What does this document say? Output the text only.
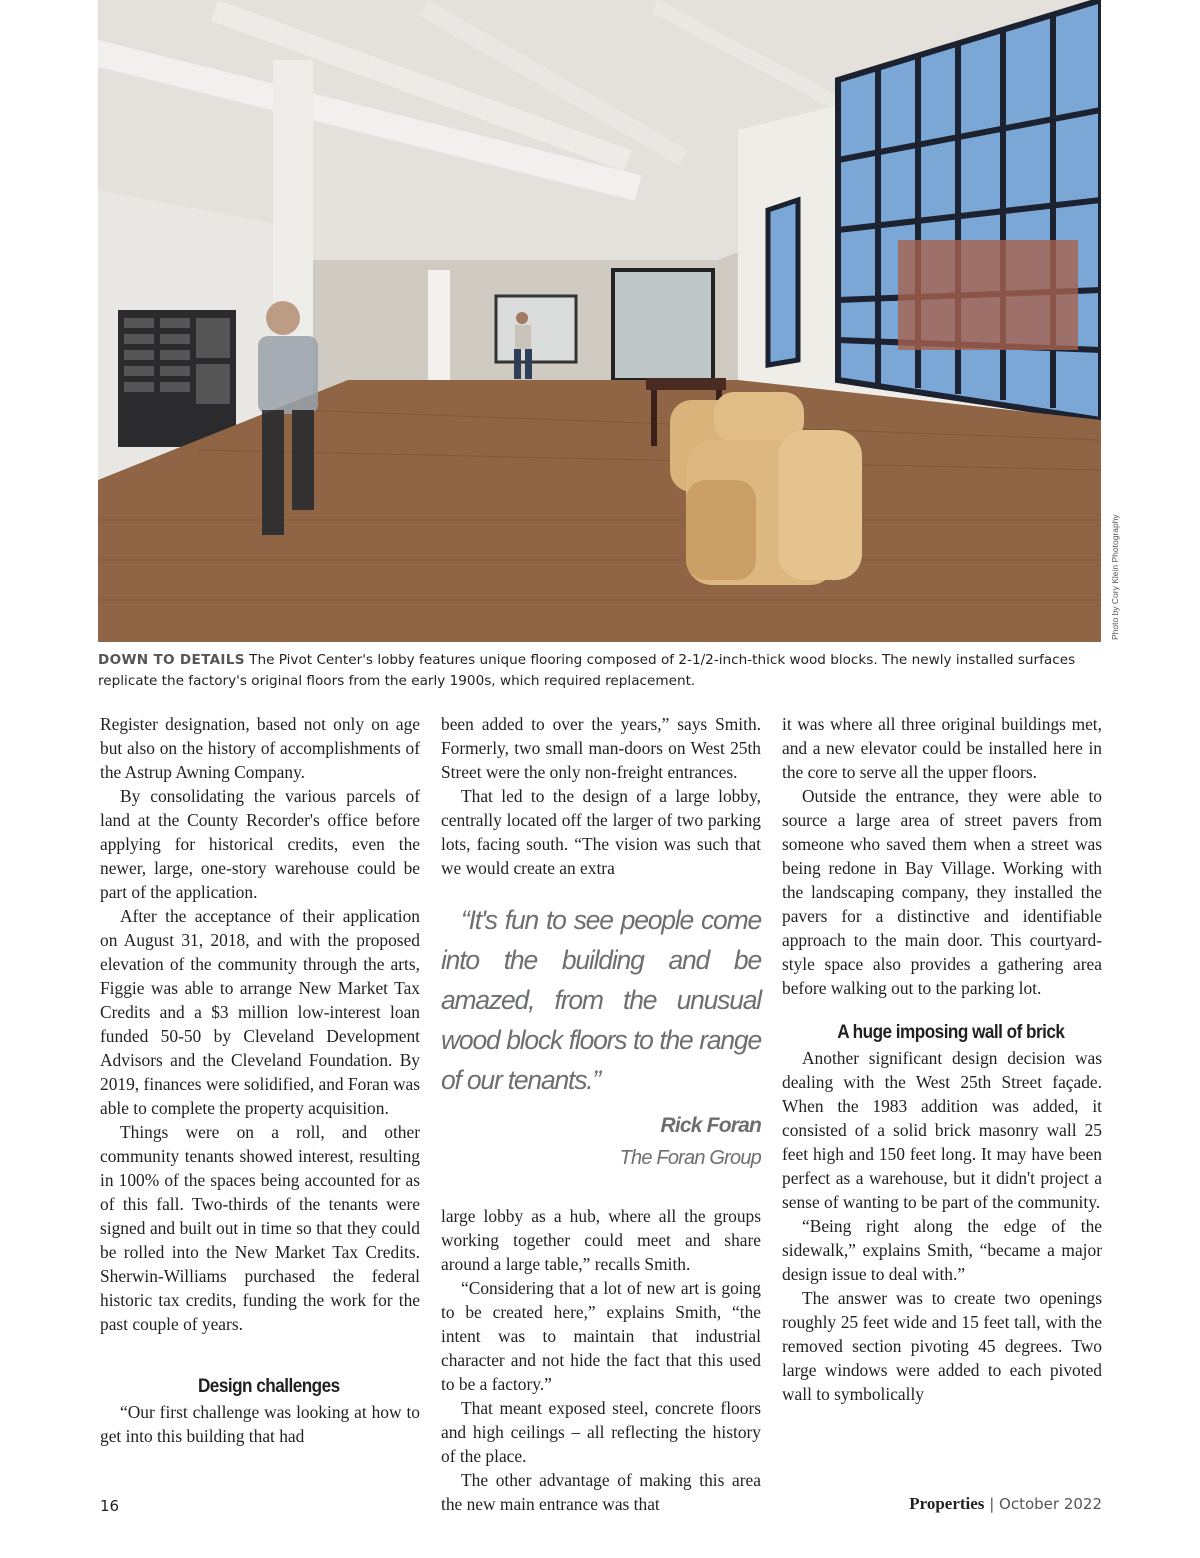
Photo by Cory Klein Photography
DOWN TO DETAILS The Pivot Center's lobby features unique flooring composed of 2-1/2-inch-thick wood blocks. The newly installed surfaces replicate the factory's original floors from the early 1900s, which required replacement.

Register designation, based not only on age but also on the history of accomplishments of the Astrup Awning Company.

By consolidating the various parcels of land at the County Recorder's office before applying for historical credits, even the newer, large, one-story warehouse could be part of the application.

After the acceptance of their application on August 31, 2018, and with the proposed elevation of the community through the arts, Figgie was able to arrange New Market Tax Credits and a $3 million low-interest loan funded 50-50 by Cleveland Development Advisors and the Cleveland Foundation. By 2019, finances were solidified, and Foran was able to complete the property acquisition.

Things were on a roll, and other community tenants showed interest, resulting in 100% of the spaces being accounted for as of this fall. Two-thirds of the tenants were signed and built out in time so that they could be rolled into the New Market Tax Credits. Sherwin-Williams purchased the federal historic tax credits, funding the work for the past couple of years.

Design challenges

“Our first challenge was looking at how to get into this building that had

been added to over the years,” says Smith. Formerly, two small man-doors on West 25th Street were the only non-freight entrances.

That led to the design of a large lobby, centrally located off the larger of two parking lots, facing south. “The vision was such that we would create an extra

“It's fun to see people come into the building and be amazed, from the unusual wood block floors to the range of our tenants.”

Rick Foran

The Foran Group

large lobby as a hub, where all the groups working together could meet and share around a large table,” recalls Smith.

“Considering that a lot of new art is going to be created here,” explains Smith, “the intent was to maintain that industrial character and not hide the fact that this used to be a factory.”

That meant exposed steel, concrete floors and high ceilings – all reflecting the history of the place.

The other advantage of making this area the new main entrance was that

it was where all three original buildings met, and a new elevator could be installed here in the core to serve all the upper floors.

Outside the entrance, they were able to source a large area of street pavers from someone who saved them when a street was being redone in Bay Village. Working with the landscaping company, they installed the pavers for a distinctive and identifiable approach to the main door. This courtyard-style space also provides a gathering area before walking out to the parking lot.

A huge imposing wall of brick

Another significant design decision was dealing with the West 25th Street façade. When the 1983 addition was added, it consisted of a solid brick masonry wall 25 feet high and 150 feet long. It may have been perfect as a warehouse, but it didn't project a sense of wanting to be part of the community.

“Being right along the edge of the sidewalk,” explains Smith, “became a major design issue to deal with.”

The answer was to create two openings roughly 25 feet wide and 15 feet tall, with the removed section pivoting 45 degrees. Two large windows were added to each pivoted wall to symbolically

16	Properties | October 2022
